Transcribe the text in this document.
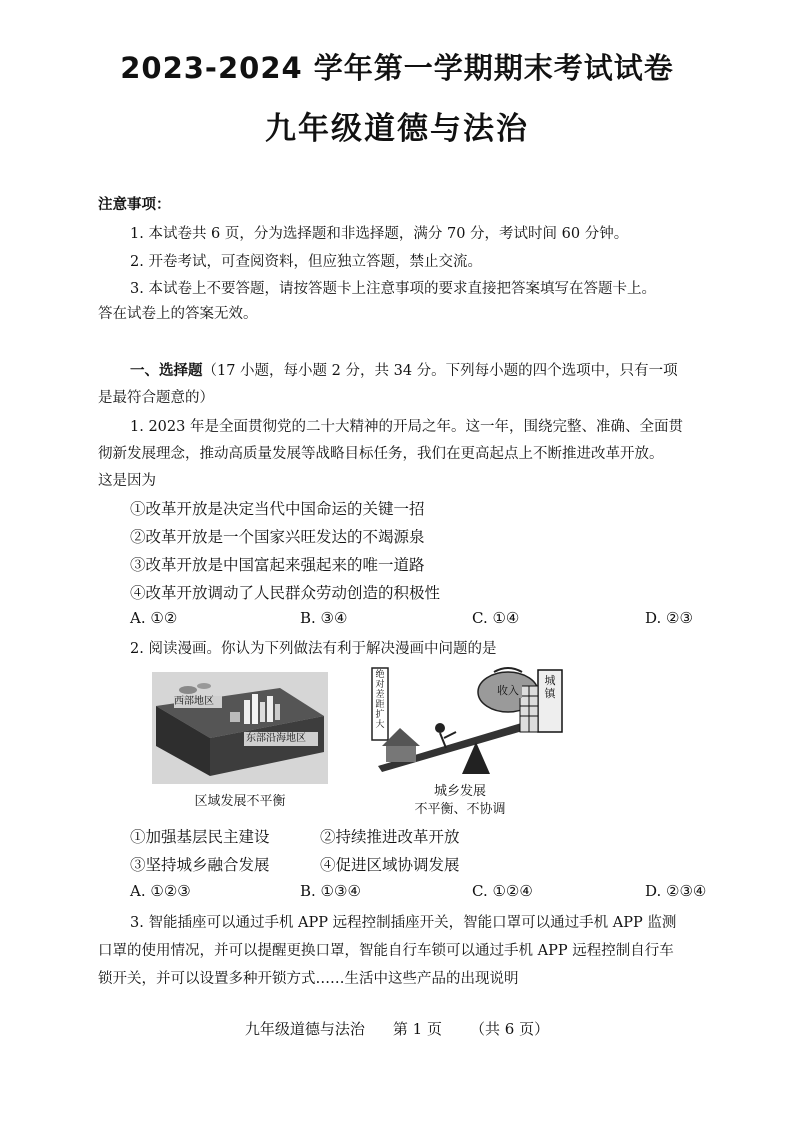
2023-2024 学年第一学期期末考试试卷
九年级道德与法治
注意事项：
1. 本试卷共 6 页，分为选择题和非选择题，满分 70 分，考试时间 60 分钟。
2. 开卷考试，可查阅资料，但应独立答题，禁止交流。
3. 本试卷上不要答题，请按答题卡上注意事项的要求直接把答案填写在答题卡上。
答在试卷上的答案无效。
一、选择题（17 小题，每小题 2 分，共 34 分。下列每小题的四个选项中，只有一项
是最符合题意的）
1. 2023 年是全面贯彻党的二十大精神的开局之年。这一年，围绕完整、准确、全面贯
彻新发展理念，推动高质量发展等战略目标任务，我们在更高起点上不断推进改革开放。
这是因为
①改革开放是决定当代中国命运的关键一招
②改革开放是一个国家兴旺发达的不竭源泉
③改革开放是中国富起来强起来的唯一道路
④改革开放调动了人民群众劳动创造的积极性
A. ①②	B. ③④	C. ①④	D. ②③
2. 阅读漫画。你认为下列做法有利于解决漫画中问题的是
西部地区
东部沿海地区
区域发展不平衡
绝对差距扩大
收入
城镇
城乡发展
不平衡、不协调
①加强基层民主建设	②持续推进改革开放
③坚持城乡融合发展	④促进区域协调发展
A. ①②③	B. ①③④	C. ①②④	D. ②③④
3. 智能插座可以通过手机 APP 远程控制插座开关，智能口罩可以通过手机 APP 监测
口罩的使用情况，并可以提醒更换口罩，智能自行车锁可以通过手机 APP 远程控制自行车
锁开关，并可以设置多种开锁方式……生活中这些产品的出现说明
九年级道德与法治 第 1 页 （共 6 页）
